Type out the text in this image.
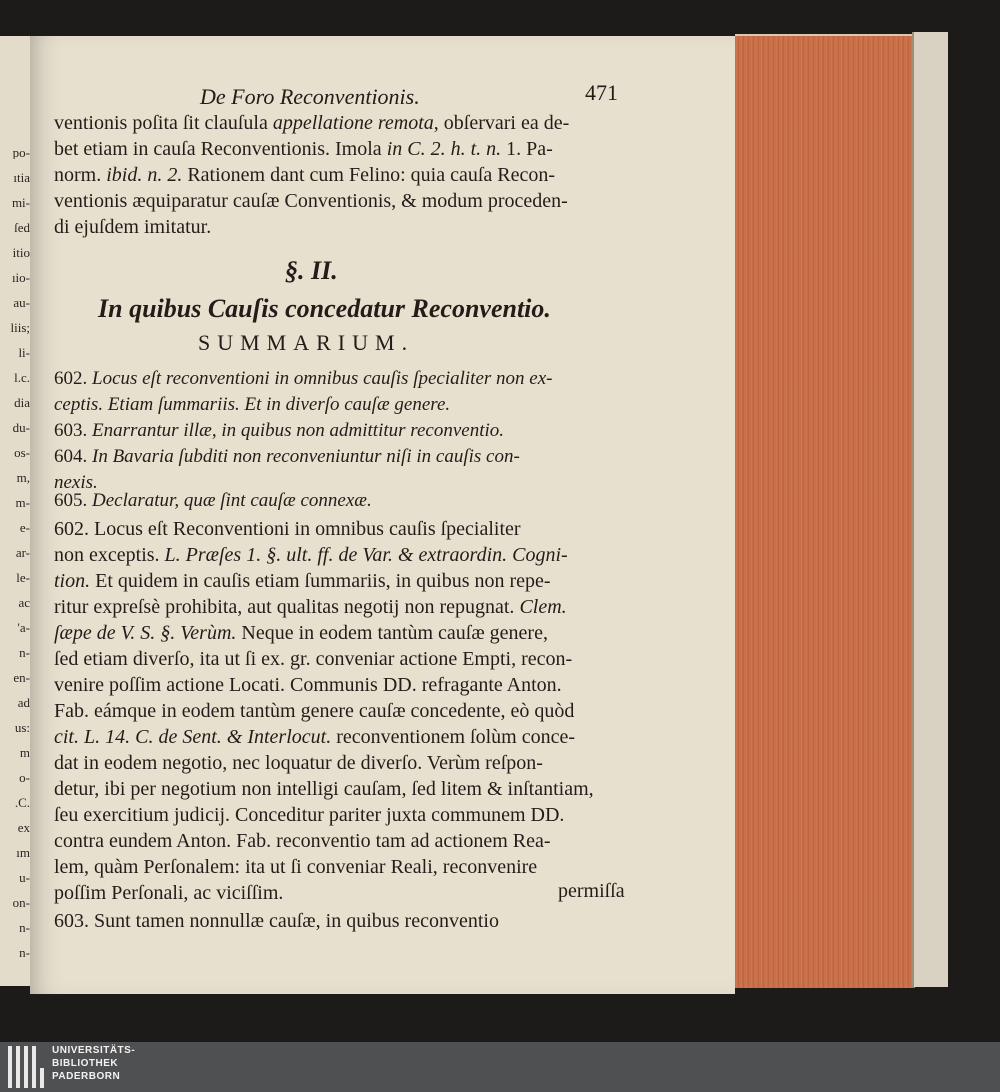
po-
ıtia
mi-
ſed
itio
ıio-
au-
liis;
li-
l.c.
dia
du-
os-
m,
m-
e-
ar-
le-
ac
'a-
n-
en-
ad
us:
m
o-
.C.
ex
ım
u-
on-
n-
n-
De Foro Reconventionis.	471
ventionis poſita ſit clauſula appellatione remota, obſervari ea de-
bet etiam in cauſa Reconventionis. Imola in C. 2. h. t. n. 1. Pa-
norm. ibid. n. 2. Rationem dant cum Felino: quia cauſa Recon-
ventionis æquiparatur cauſæ Conventionis, & modum proceden-
di ejuſdem imitatur.
602. Locus eſt reconventioni in omnibus cauſis ſpecialiter non ex-
ceptis. Etiam ſummariis. Et in diverſo cauſæ genere.
603. Enarrantur illæ, in quibus non admittitur reconventio.
604. In Bavaria ſubditi non reconveniuntur niſi in cauſis con-
nexis.
605. Declaratur, quæ ſint cauſæ connexæ.
602. Locus eſt Reconventioni in omnibus cauſis ſpecialiter
non exceptis. L. Præſes 1. §. ult. ff. de Var. & extraordin. Cogni-
tion. Et quidem in cauſis etiam ſummariis, in quibus non repe-
ritur expreſsè prohibita, aut qualitas negotij non repugnat. Clem.
ſæpe de V. S. §. Verùm. Neque in eodem tantùm cauſæ genere,
ſed etiam diverſo, ita ut ſi ex. gr. conveniar actione Empti, recon-
venire poſſim actione Locati. Communis DD. refragante Anton.
Fab. eámque in eodem tantùm genere cauſæ concedente, eò quòd
cit. L. 14. C. de Sent. & Interlocut. reconventionem ſolùm conce-
dat in eodem negotio, nec loquatur de diverſo. Verùm reſpon-
detur, ibi per negotium non intelligi cauſam, ſed litem & inſtantiam,
ſeu exercitium judicij. Conceditur pariter juxta communem DD.
contra eundem Anton. Fab. reconventio tam ad actionem Rea-
lem, quàm Perſonalem: ita ut ſi conveniar Reali, reconvenire
poſſim Perſonali, ac viciſſim.
603. Sunt tamen nonnullæ cauſæ, in quibus reconventio
§. II.
In quibus Cauſis concedatur Reconventio.
SUMMARIUM.
permiſſa
UNIVERSITÄTS-
BIBLIOTHEK
PADERBORN
